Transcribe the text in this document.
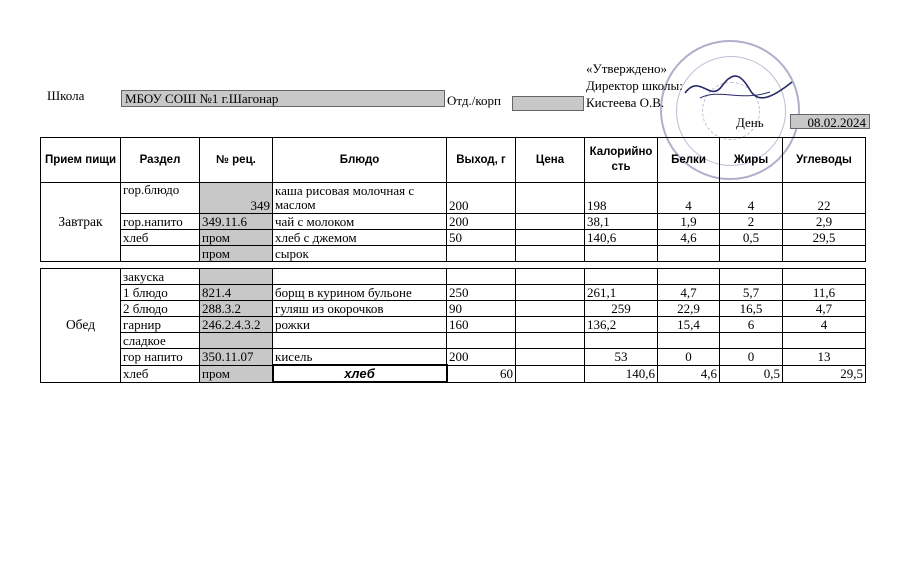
Школа	МБОУ СОШ №1 г.Шагонар	Отд./корп
«Утверждено»
Директор школы:
Кистеева О.В.
День	08.02.2024
Прием пищи	Раздел	№ рец.	Блюдо	Выход, г	Цена	Калорийность	Белки	Жиры	Углеводы
Завтрак	гор.блюдо	349	каша рисовая молочная с маслом	200		198	4	4	22
	гор.напито	349.11.6	чай с молоком	200		38,1	1,9	2	2,9
	хлеб	пром	хлеб с джемом	50		140,6	4,6	0,5	29,5
		пром	сырок						

Обед	закуска								
	1 блюдо	821.4	борщ в курином бульоне	250		261,1	4,7	5,7	11,6
	2 блюдо	288.3.2	гуляш из окорочков	90		259	22,9	16,5	4,7
	гарнир	246.2.4.3.2	рожки	160		136,2	15,4	6	4
	сладкое								
	гор напито	350.11.07	кисель	200		53	0	0	13
	хлеб	пром	хлеб	60		140,6	4,6	0,5	29,5
